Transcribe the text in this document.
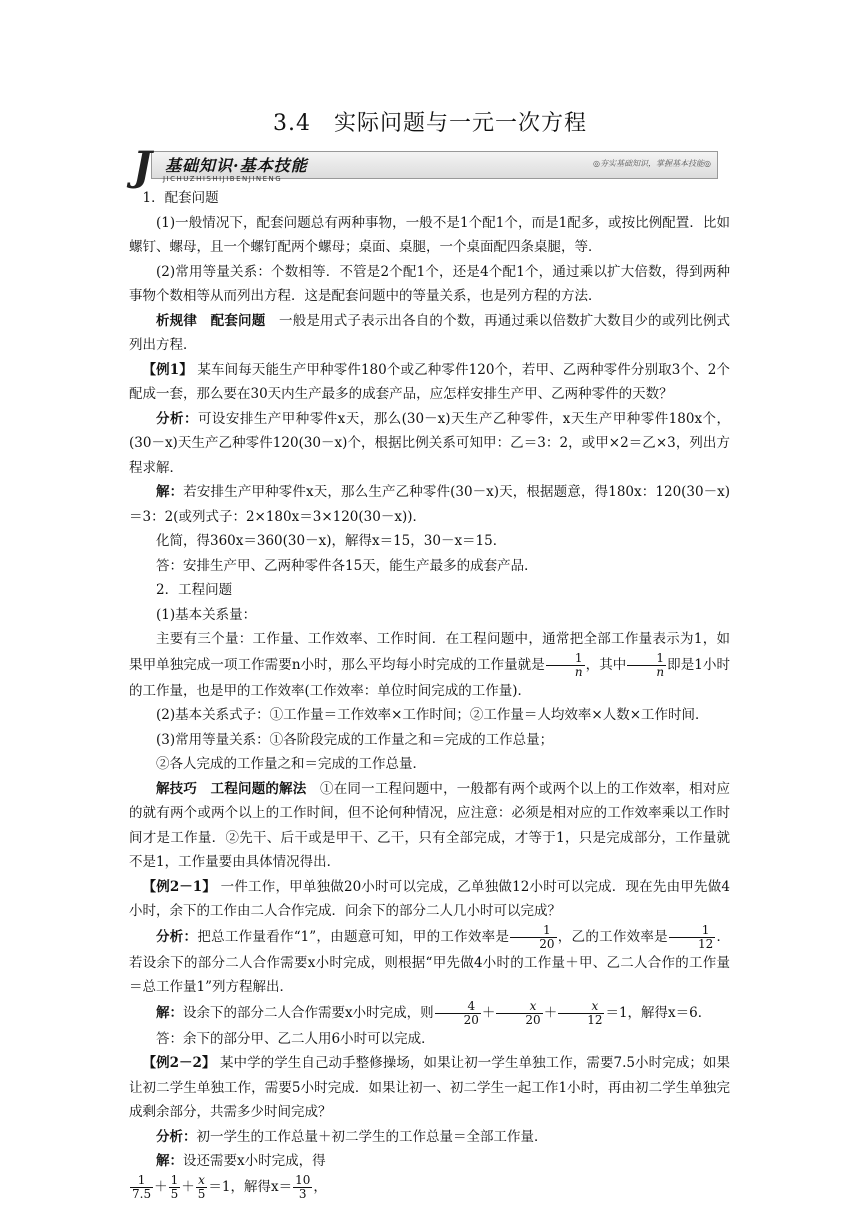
3.4　实际问题与一元一次方程
J 基础知识·基本技能
JICHUZHISHIJIBENJINENG
◎夯实基础知识，掌握基本技能◎

1．配套问题

(1)一般情况下，配套问题总有两种事物，一般不是1个配1个，而是1配多，或按比例配置．比如螺钉、螺母，且一个螺钉配两个螺母；桌面、桌腿，一个桌面配四条桌腿，等．

(2)常用等量关系：个数相等．不管是2个配1个，还是4个配1个，通过乘以扩大倍数，得到两种事物个数相等从而列出方程．这是配套问题中的等量关系，也是列方程的方法．

析规律　配套问题　一般是用式子表示出各自的个数，再通过乘以倍数扩大数目少的或列比例式列出方程．

【例1】 某车间每天能生产甲种零件180个或乙种零件120个，若甲、乙两种零件分别取3个、2个配成一套，那么要在30天内生产最多的成套产品，应怎样安排生产甲、乙两种零件的天数？

分析：可设安排生产甲种零件x天，那么(30－x)天生产乙种零件，x天生产甲种零件180x个，(30－x)天生产乙种零件120(30－x)个，根据比例关系可知甲：乙＝3：2，或甲×2＝乙×3，列出方程求解．

解：若安排生产甲种零件x天，那么生产乙种零件(30－x)天，根据题意，得180x：120(30－x)＝3：2(或列式子：2×180x＝3×120(30－x))．

化简，得360x＝360(30－x)，解得x＝15，30－x＝15．

答：安排生产甲、乙两种零件各15天，能生产最多的成套产品．

2．工程问题

(1)基本关系量：

主要有三个量：工作量、工作效率、工作时间．在工程问题中，通常把全部工作量表示为1，如果甲单独完成一项工作需要n小时，那么平均每小时完成的工作量就是 $\frac{1}{n}$ ，其中 $\frac{1}{n}$ 即是1小时的工作量，也是甲的工作效率(工作效率：单位时间完成的工作量)．

(2)基本关系式子：①工作量＝工作效率×工作时间；②工作量＝人均效率×人数×工作时间．

(3)常用等量关系：①各阶段完成的工作量之和＝完成的工作总量；

②各人完成的工作量之和＝完成的工作总量．

解技巧　工程问题的解法　①在同一工程问题中，一般都有两个或两个以上的工作效率，相对应的就有两个或两个以上的工作时间，但不论何种情况，应注意：必须是相对应的工作效率乘以工作时间才是工作量．②先干、后干或是甲干、乙干，只有全部完成，才等于1，只是完成部分，工作量就不是1，工作量要由具体情况得出．

【例2－1】 一件工作，甲单独做20小时可以完成，乙单独做12小时可以完成．现在先由甲先做4小时，余下的工作由二人合作完成．问余下的部分二人几小时可以完成？

分析：把总工作量看作“1”，由题意可知，甲的工作效率是 $\frac{1}{20}$ ，乙的工作效率是 $\frac{1}{12}$ ．若设余下的部分二人合作需要x小时完成，则根据“甲先做4小时的工作量＋甲、乙二人合作的工作量＝总工作量1”列方程解出．

解：设余下的部分二人合作需要x小时完成，则 $\frac{4}{20} + \frac{x}{20} + \frac{x}{12} =1$，解得x＝6．

答：余下的部分甲、乙二人用6小时可以完成．

【例2－2】 某中学的学生自己动手整修操场，如果让初一学生单独工作，需要7.5小时完成；如果让初二学生单独工作，需要5小时完成．如果让初一、初二学生一起工作1小时，再由初二学生单独完成剩余部分，共需多少时间完成？

分析：初一学生的工作总量＋初二学生的工作总量＝全部工作量．

解：设还需要x小时完成，得

$\frac{1}{7.5} + \frac{1}{5} + \frac{x}{5} =1$，解得$x= \frac{10}{3}$ ，
